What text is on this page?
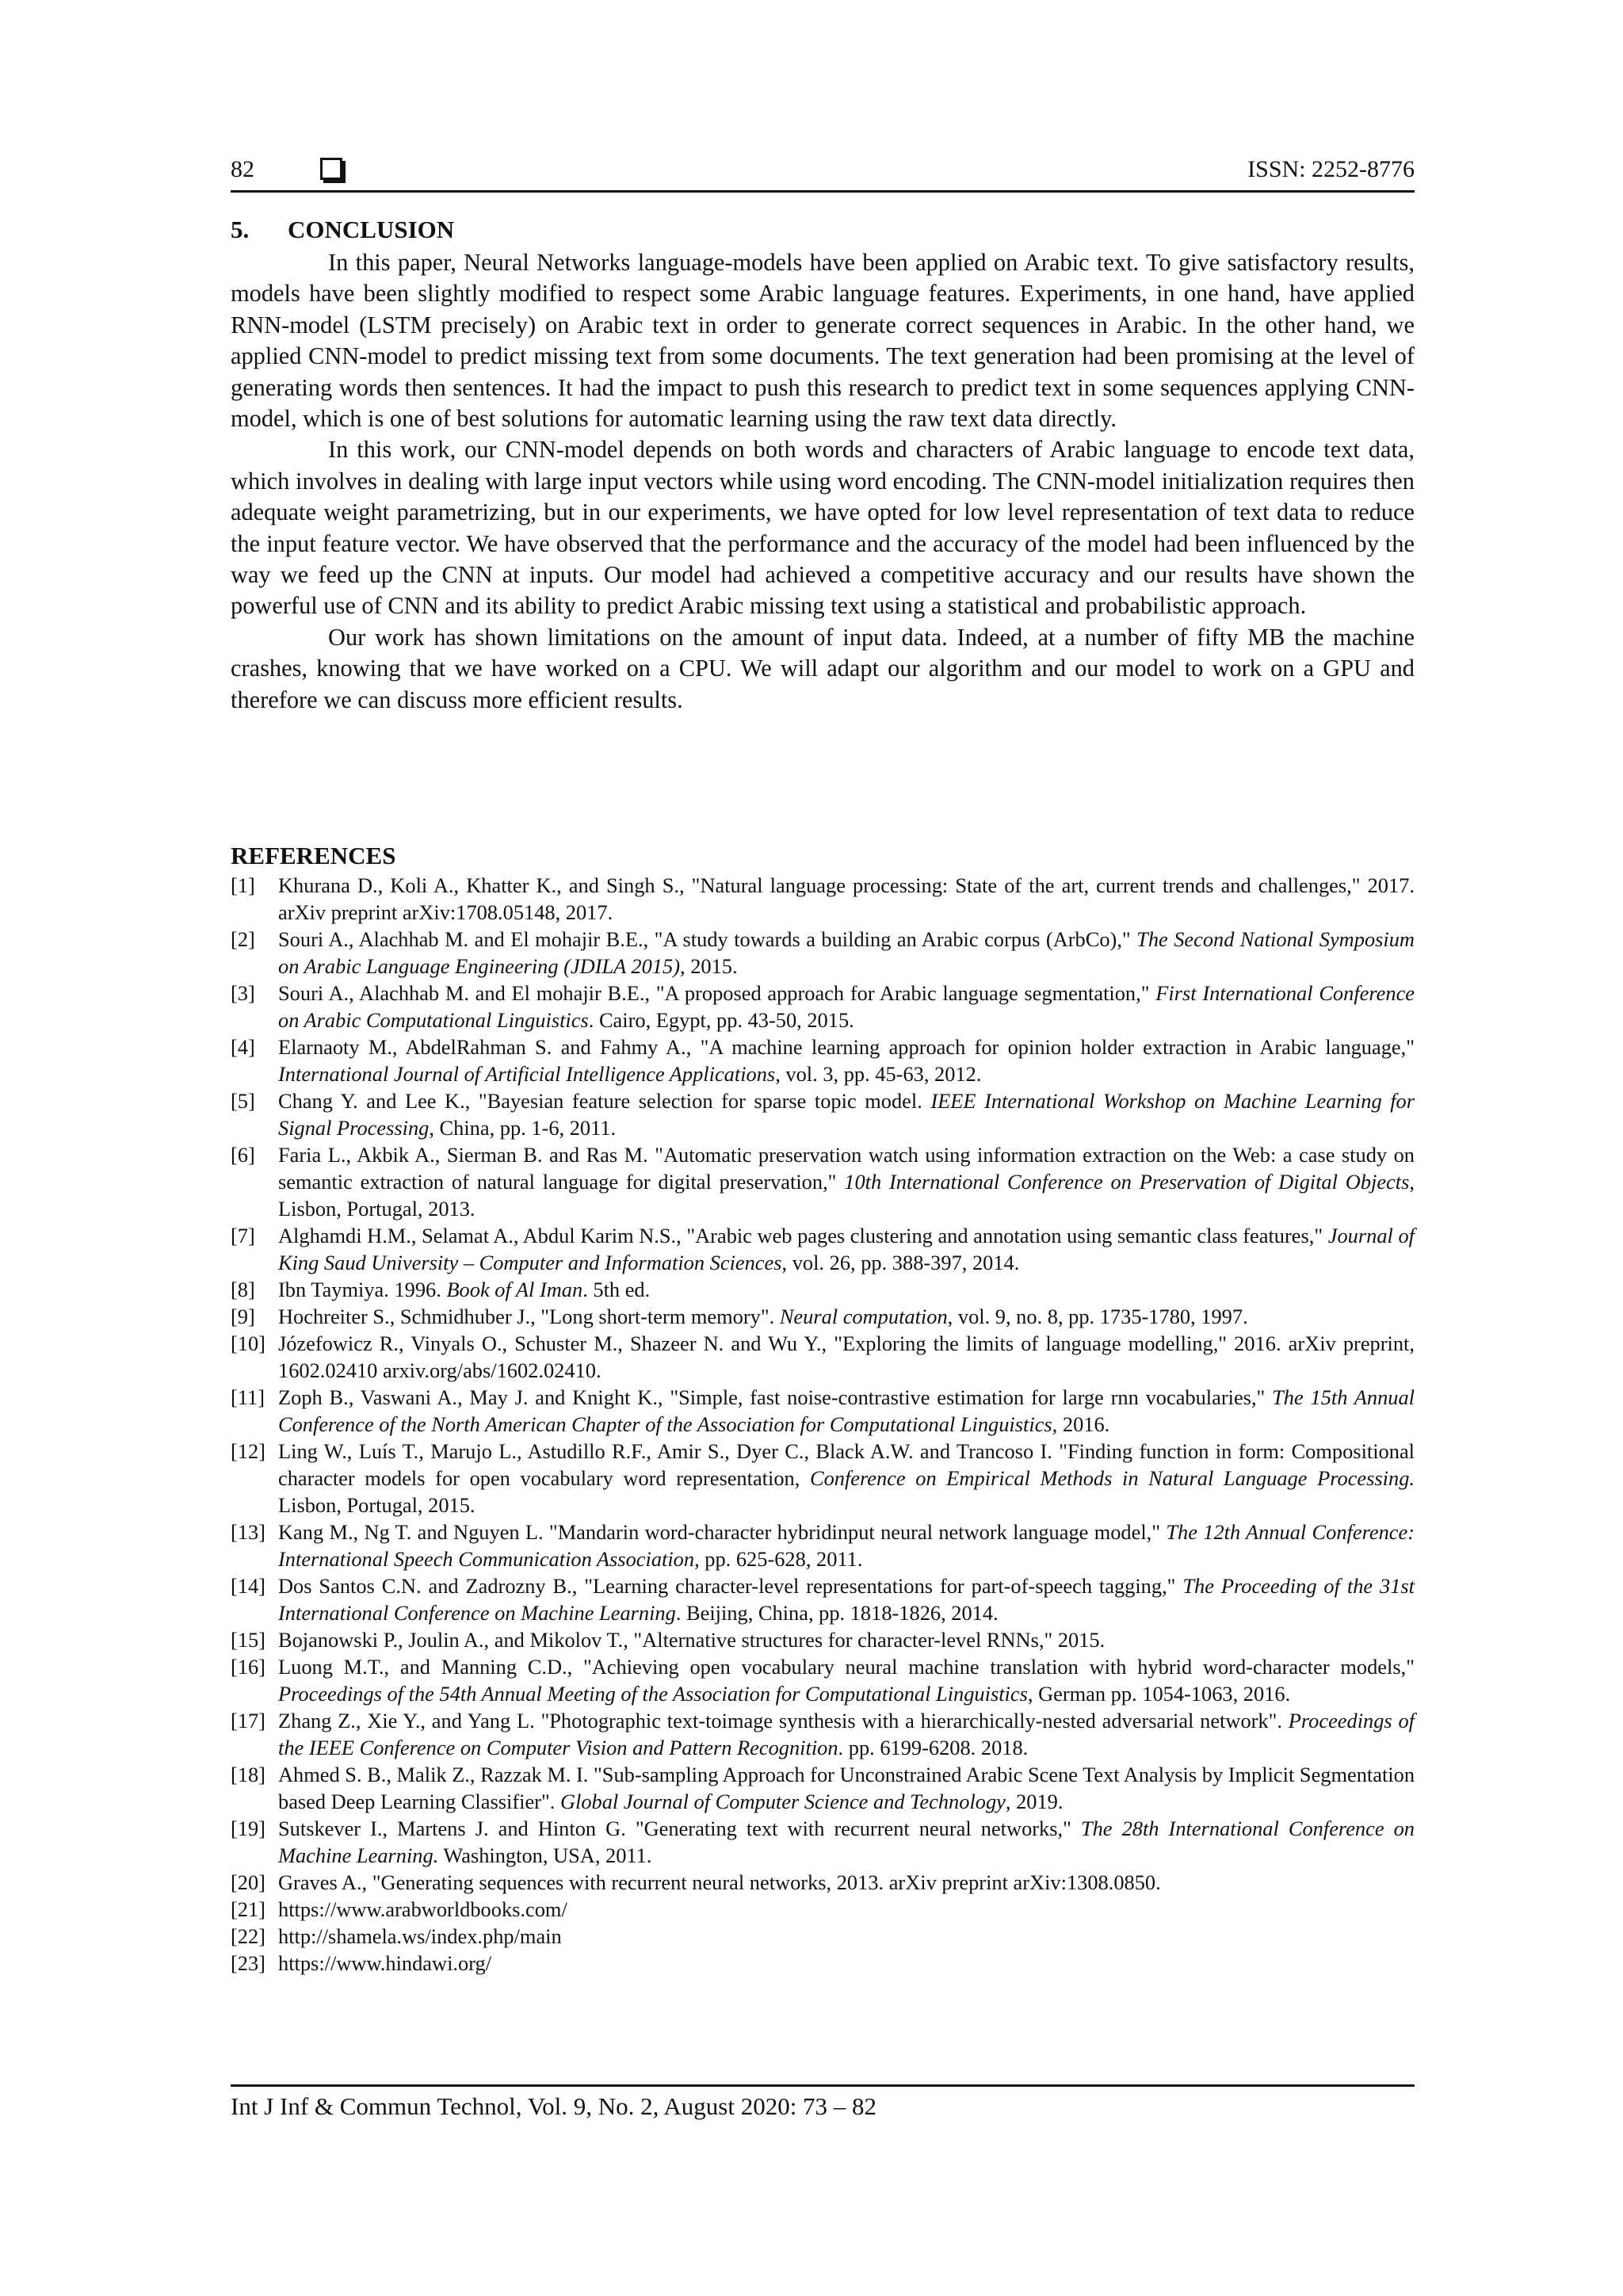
82	ISSN: 2252-8776
5. CONCLUSION

In this paper, Neural Networks language-models have been applied on Arabic text. To give satisfactory results, models have been slightly modified to respect some Arabic language features. Experiments, in one hand, have applied RNN-model (LSTM precisely) on Arabic text in order to generate correct sequences in Arabic. In the other hand, we applied CNN-model to predict missing text from some documents. The text generation had been promising at the level of generating words then sentences. It had the impact to push this research to predict text in some sequences applying CNN-model, which is one of best solutions for automatic learning using the raw text data directly.

In this work, our CNN-model depends on both words and characters of Arabic language to encode text data, which involves in dealing with large input vectors while using word encoding. The CNN-model initialization requires then adequate weight parametrizing, but in our experiments, we have opted for low level representation of text data to reduce the input feature vector. We have observed that the performance and the accuracy of the model had been influenced by the way we feed up the CNN at inputs. Our model had achieved a competitive accuracy and our results have shown the powerful use of CNN and its ability to predict Arabic missing text using a statistical and probabilistic approach.

Our work has shown limitations on the amount of input data. Indeed, at a number of fifty MB the machine crashes, knowing that we have worked on a CPU. We will adapt our algorithm and our model to work on a GPU and therefore we can discuss more efficient results.

REFERENCES
[1] Khurana D., Koli A., Khatter K., and Singh S., "Natural language processing: State of the art, current trends and challenges," 2017. arXiv preprint arXiv:1708.05148, 2017.
[2] Souri A., Alachhab M. and El mohajir B.E., "A study towards a building an Arabic corpus (ArbCo)," The Second National Symposium on Arabic Language Engineering (JDILA 2015), 2015.
[3] Souri A., Alachhab M. and El mohajir B.E., "A proposed approach for Arabic language segmentation," First International Conference on Arabic Computational Linguistics. Cairo, Egypt, pp. 43-50, 2015.
[4] Elarnaoty M., AbdelRahman S. and Fahmy A., "A machine learning approach for opinion holder extraction in Arabic language," International Journal of Artificial Intelligence Applications, vol. 3, pp. 45-63, 2012.
[5] Chang Y. and Lee K., "Bayesian feature selection for sparse topic model. IEEE International Workshop on Machine Learning for Signal Processing, China, pp. 1-6, 2011.
[6] Faria L., Akbik A., Sierman B. and Ras M. "Automatic preservation watch using information extraction on the Web: a case study on semantic extraction of natural language for digital preservation," 10th International Conference on Preservation of Digital Objects, Lisbon, Portugal, 2013.
[7] Alghamdi H.M., Selamat A., Abdul Karim N.S., "Arabic web pages clustering and annotation using semantic class features," Journal of King Saud University – Computer and Information Sciences, vol. 26, pp. 388-397, 2014.
[8] Ibn Taymiya. 1996. Book of Al Iman. 5th ed.
[9] Hochreiter S., Schmidhuber J., "Long short-term memory". Neural computation, vol. 9, no. 8, pp. 1735-1780, 1997.
[10] Józefowicz R., Vinyals O., Schuster M., Shazeer N. and Wu Y., "Exploring the limits of language modelling," 2016. arXiv preprint, 1602.02410 arxiv.org/abs/1602.02410.
[11] Zoph B., Vaswani A., May J. and Knight K., "Simple, fast noise-contrastive estimation for large rnn vocabularies," The 15th Annual Conference of the North American Chapter of the Association for Computational Linguistics, 2016.
[12] Ling W., Luís T., Marujo L., Astudillo R.F., Amir S., Dyer C., Black A.W. and Trancoso I. "Finding function in form: Compositional character models for open vocabulary word representation, Conference on Empirical Methods in Natural Language Processing. Lisbon, Portugal, 2015.
[13] Kang M., Ng T. and Nguyen L. "Mandarin word-character hybridinput neural network language model," The 12th Annual Conference: International Speech Communication Association, pp. 625-628, 2011.
[14] Dos Santos C.N. and Zadrozny B., "Learning character-level representations for part-of-speech tagging," The Proceeding of the 31st International Conference on Machine Learning. Beijing, China, pp. 1818-1826, 2014.
[15] Bojanowski P., Joulin A., and Mikolov T., "Alternative structures for character-level RNNs," 2015.
[16] Luong M.T., and Manning C.D., "Achieving open vocabulary neural machine translation with hybrid word-character models," Proceedings of the 54th Annual Meeting of the Association for Computational Linguistics, German pp. 1054-1063, 2016.
[17] Zhang Z., Xie Y., and Yang L. "Photographic text-toimage synthesis with a hierarchically-nested adversarial network". Proceedings of the IEEE Conference on Computer Vision and Pattern Recognition. pp. 6199-6208. 2018.
[18] Ahmed S. B., Malik Z., Razzak M. I. "Sub-sampling Approach for Unconstrained Arabic Scene Text Analysis by Implicit Segmentation based Deep Learning Classifier". Global Journal of Computer Science and Technology, 2019.
[19] Sutskever I., Martens J. and Hinton G. "Generating text with recurrent neural networks," The 28th International Conference on Machine Learning. Washington, USA, 2011.
[20] Graves A., "Generating sequences with recurrent neural networks, 2013. arXiv preprint arXiv:1308.0850.
[21] https://www.arabworldbooks.com/
[22] http://shamela.ws/index.php/main
[23] https://www.hindawi.org/
Int J Inf & Commun Technol, Vol. 9, No. 2, August 2020: 73 – 82
